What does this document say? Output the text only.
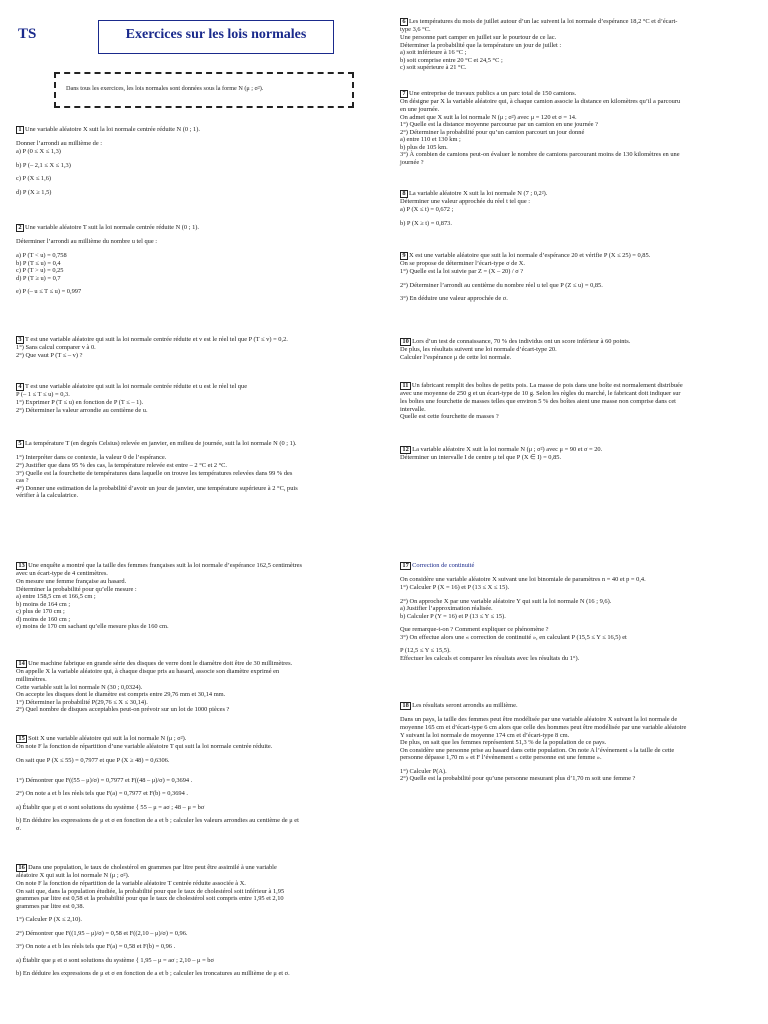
TS	Exercices sur les lois normales
Dans tous les exercices, les lois normales sont données sous la forme N (μ ; σ²).

1 Une variable aléatoire X suit la loi normale centrée réduite N (0 ; 1).

Donner l’arrondi au millième de :

a) P (0 ≤ X ≤ 1,3)

b) P (– 2,1 ≤ X ≤ 1,3)

c) P (X ≤ 1,6)

d) P (X ≥ 1,5)

2 Une variable aléatoire T suit la loi normale centrée réduite N (0 ; 1).

Déterminer l’arrondi au millième du nombre u tel que :

a) P (T < u) = 0,758

b) P (T ≤ u) = 0,4

c) P (T > u) = 0,25

d) P (T ≥ u) = 0,7

e) P (– u ≤ T ≤ u) = 0,997

3 T est une variable aléatoire qui suit la loi normale centrée réduite et v est le réel tel que P (T ≤ v) = 0,2.

1°) Sans calcul comparer v à 0.

2°) Que vaut P (T ≤ – v) ?

4 T est une variable aléatoire qui suit la loi normale centrée réduite et u est le réel tel que

P (– 1 ≤ T ≤ u) = 0,3.

1°) Exprimer P (T ≤ u) en fonction de P (T ≤ – 1).

2°) Déterminer la valeur arrondie au centième de u.

5 La température T (en degrés Celsius) relevée en janvier, en milieu de journée, suit la loi normale N (0 ; 1).

1°) Interpréter dans ce contexte, la valeur 0 de l’espérance.

2°) Justifier que dans 95 % des cas, la température relevée est entre – 2 °C et 2 °C.

3°) Quelle est la fourchette de températures dans laquelle on trouve les températures relevées dans 99 % des

cas ?

4°) Donner une estimation de la probabilité d’avoir un jour de janvier, une température supérieure à 2 °C, puis

vérifier à la calculatrice.

6 Les températures du mois de juillet autour d’un lac suivent la loi normale d’espérance 18,2 °C et d’écart-

type 3,6 °C.

Une personne part camper en juillet sur le pourtour de ce lac.

Déterminer la probabilité que la température un jour de juillet :

a) soit inférieure à 16 °C ;

b) soit comprise entre 20 °C et 24,5 °C ;

c) soit supérieure à 21 °C.

7 Une entreprise de travaux publics a un parc total de 150 camions.

On désigne par X la variable aléatoire qui, à chaque camion associe la distance en kilomètres qu’il a parcouru

en une journée.

On admet que X suit la loi normale N (μ ; σ²) avec μ = 120 et σ = 14.

1°) Quelle est la distance moyenne parcourue par un camion en une journée ?

2°) Déterminer la probabilité pour qu’un camion parcourt un jour donné

a) entre 110 et 130 km ;

b) plus de 105 km.

3°) À combien de camions peut-on évaluer le nombre de camions parcourant moins de 130 kilomètres en une

journée ?

8 La variable aléatoire X suit la loi normale N (7 ; 0,2²).

Déterminer une valeur approchée du réel t tel que :

a) P (X ≤ t) = 0,672 ;

b) P (X ≥ t) = 0,873.

9 X est une variable aléatoire que suit la loi normale d’espérance 20 et vérifie P (X ≤ 25) = 0,85.

On se propose de déterminer l’écart-type σ de X.

1°) Quelle est la loi suivie par Z = (X – 20) / σ ?

2°) Déterminer l’arrondi au centième du nombre réel u tel que P (Z ≤ u) = 0,85.

3°) En déduire une valeur approchée de σ.

10 Lors d’un test de connaissance, 70 % des individus ont un score inférieur à 60 points.

De plus, les résultats suivent une loi normale d’écart-type 20.

Calculer l’espérance μ de cette loi normale.

11 Un fabricant remplit des boîtes de petits pois. La masse de pois dans une boîte est normalement distribuée

avec une moyenne de 250 g et un écart-type de 10 g. Selon les règles du marché, le fabricant doit indiquer sur

les boîtes une fourchette de masses telles que environ 5 % des boîtes aient une masse non comprise dans cet

intervalle.

Quelle est cette fourchette de masses ?

12 La variable aléatoire X suit la loi normale N (μ ; σ²) avec μ = 90 et σ = 20.

Déterminer un intervalle I de centre μ tel que P (X ∈ I) = 0,85.

13 Une enquête a montré que la taille des femmes françaises suit la loi normale d’espérance 162,5 centimètres

avec un écart-type de 4 centimètres.

On mesure une femme française au hasard.

Déterminer la probabilité pour qu’elle mesure :

a) entre 158,5 cm et 166,5 cm ;

b) moins de 164 cm ;

c) plus de 170 cm ;

d) moins de 160 cm ;

e) moins de 170 cm sachant qu’elle mesure plus de 160 cm.

14 Une machine fabrique en grande série des disques de verre dont le diamètre doit être de 30 millimètres.

On appelle X la variable aléatoire qui, à chaque disque pris au hasard, associe son diamètre exprimé en

millimètres.

Cette variable suit la loi normale N (30 ; 0,0324).

On accepte les disques dont le diamètre est compris entre 29,76 mm et 30,14 mm.

1°) Déterminer la probabilité P(29,76 ≤ X ≤ 30,14).

2°) Quel nombre de disques acceptables peut-on prévoir sur un lot de 1000 pièces ?

15 Soit X une variable aléatoire qui suit la loi normale N (μ ; σ²).

On note F la fonction de répartition d’une variable aléatoire T qui suit la loi normale centrée réduite.

On sait que P (X ≤ 55) = 0,7977 et que P (X ≥ 48) = 0,6306.

1°) Démontrer que F((55 – μ)/σ) = 0,7977 et F((48 – μ)/σ) = 0,3694 .

2°) On note a et b les réels tels que F(a) = 0,7977 et F(b) = 0,3694 .

a) Établir que μ et σ sont solutions du système { 55 – μ = aσ ; 48 – μ = bσ

b) En déduire les expressions de μ et σ en fonction de a et b ; calculer les valeurs arrondies au centième de μ et

σ.

16 Dans une population, le taux de cholestérol en grammes par litre peut être assimilé à une variable

aléatoire X qui suit la loi normale N (μ ; σ²).

On note F la fonction de répartition de la variable aléatoire T centrée réduite associée à X.

On sait que, dans la population étudiée, la probabilité pour que le taux de cholestérol soit inférieur à 1,95

grammes par litre est 0,58 et la probabilité pour que le taux de cholestérol soit compris entre 1,95 et 2,10

grammes par litre est 0,38.

1°) Calculer P (X ≤ 2,10).

2°) Démontrer que F((1,95 – μ)/σ) = 0,58 et F((2,10 – μ)/σ) = 0,96.

3°) On note a et b les réels tels que F(a) = 0,58 et F(b) = 0,96 .

a) Établir que μ et σ sont solutions du système { 1,95 – μ = aσ ; 2,10 – μ = bσ

b) En déduire les expressions de μ et σ en fonction de a et b ; calculer les troncatures au millième de μ et σ.

17 Correction de continuité

On considère une variable aléatoire X suivant une loi binomiale de paramètres n = 40 et p = 0,4.

1°) Calculer P (X = 16) et P (13 ≤ X ≤ 15).

2°) On approche X par une variable aléatoire Y qui suit la loi normale N (16 ; 9,6).

a) Justifier l’approximation réalisée.

b) Calculer P (Y = 16) et P (13 ≤ Y ≤ 15).

Que remarque-t-on ? Comment expliquer ce phénomène ?

3°) On effectue alors une « correction de continuité », en calculant P (15,5 ≤ Y ≤ 16,5) et

P (12,5 ≤ Y ≤ 15,5).

Effectuer les calculs et comparer les résultats avec les résultats du 1°).

18 Les résultats seront arrondis au millième.

Dans un pays, la taille des femmes peut être modélisée par une variable aléatoire X suivant la loi normale de

moyenne 165 cm et d’écart-type 6 cm alors que celle des hommes peut être modélisée par une variable aléatoire

Y suivant la loi normale de moyenne 174 cm et d’écart-type 8 cm.

De plus, on sait que les femmes représentent 51,3 % de la population de ce pays.

On considère une personne prise au hasard dans cette population. On note A l’événement « la taille de cette

personne dépasse 1,70 m » et F l’événement « cette personne est une femme ».

1°) Calculer P(A).

2°) Quelle est la probabilité pour qu’une personne mesurant plus d’1,70 m soit une femme ?
